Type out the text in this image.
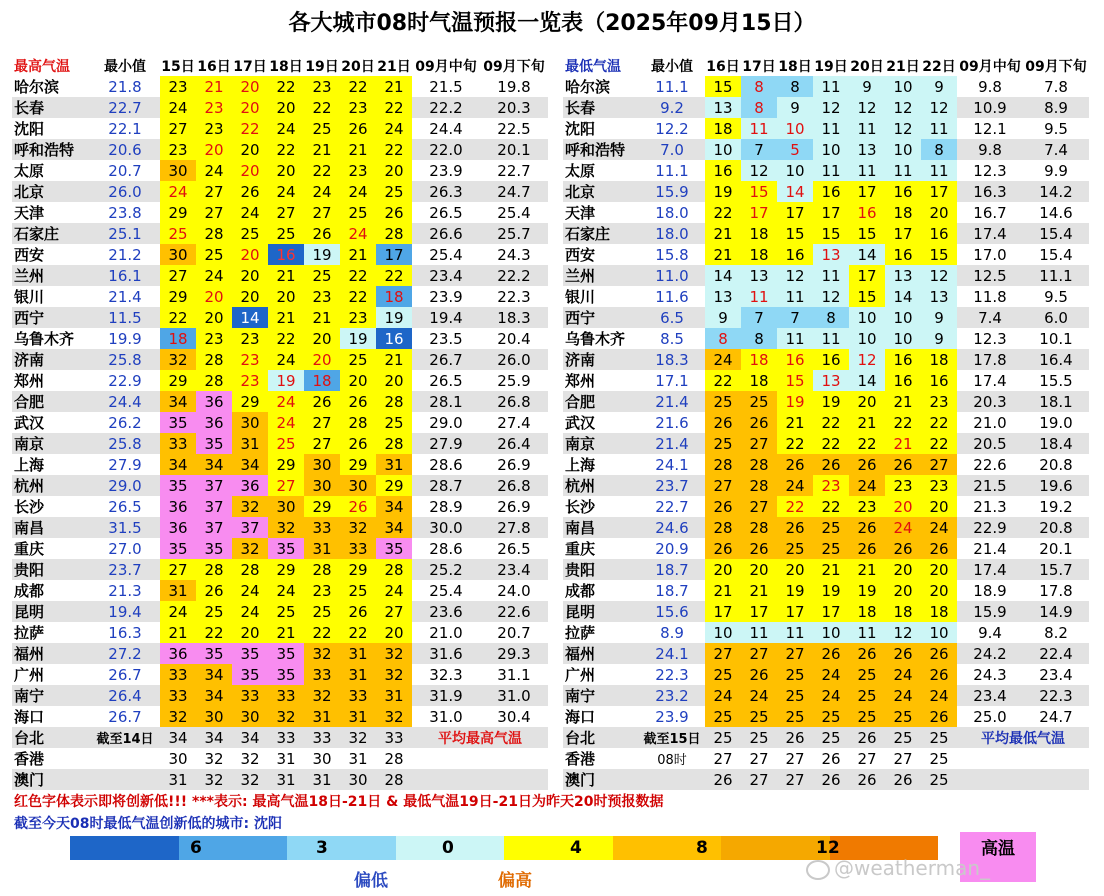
各大城市08时气温预报一览表（2025年09月15日）
最高气温	最小值	15日	16日	17日	18日	19日	20日	21日	09月中旬	09月下旬
哈尔滨	21.8	23	21	20	22	23	22	21	21.5	19.8
长春	22.7	24	23	20	20	22	23	22	22.2	20.3
沈阳	22.1	27	23	22	24	25	26	24	24.4	22.5
呼和浩特	20.6	23	20	20	22	21	21	22	22.0	20.1
太原	20.7	30	24	20	20	22	23	20	23.9	22.7
北京	26.0	24	27	26	24	24	24	25	26.3	24.7
天津	23.8	29	27	24	27	27	25	26	26.5	25.4
石家庄	25.1	25	28	25	25	26	24	28	26.6	25.7
西安	21.2	30	25	20	16	19	21	17	25.4	24.3
兰州	16.1	27	24	20	21	25	22	22	23.4	22.2
银川	21.4	29	20	20	20	23	22	18	23.9	22.3
西宁	11.5	22	20	14	21	21	23	19	19.4	18.3
乌鲁木齐	19.9	18	23	23	22	20	19	16	23.5	20.4
济南	25.8	32	28	23	24	20	25	21	26.7	26.0
郑州	22.9	29	28	23	19	18	20	20	26.5	25.9
合肥	24.4	34	36	29	24	26	26	28	28.1	26.8
武汉	26.2	35	36	30	24	27	28	25	29.0	27.4
南京	25.8	33	35	31	25	27	26	28	27.9	26.4
上海	27.9	34	34	34	29	30	29	31	28.6	26.9
杭州	29.0	35	37	36	27	30	30	29	28.7	26.8
长沙	26.5	36	37	32	30	29	26	34	28.9	26.9
南昌	31.5	36	37	37	32	33	32	34	30.0	27.8
重庆	27.0	35	35	32	35	31	33	35	28.6	26.5
贵阳	23.7	27	28	28	29	28	29	28	25.2	23.4
成都	21.3	31	26	24	24	23	25	24	25.4	24.0
昆明	19.4	24	25	24	25	25	26	27	23.6	22.6
拉萨	16.3	21	22	20	21	22	22	20	21.0	20.7
福州	27.2	36	35	35	35	32	31	32	31.6	29.3
广州	26.7	33	34	35	35	33	31	32	32.3	31.1
南宁	26.4	33	34	33	33	32	33	31	31.9	31.0
海口	26.7	32	30	30	32	31	31	32	31.0	30.4
台北	截至14日	34	34	34	33	33	32	33	平均最高气温	
香港		30	32	32	31	30	31	28		
澳门		31	32	32	31	31	30	28		
最低气温	最小值	16日	17日	18日	19日	20日	21日	22日	09月中旬	09月下旬
哈尔滨	11.1	15	8	8	11	9	10	9	9.8	7.8
长春	9.2	13	8	9	12	12	12	12	10.9	8.9
沈阳	12.2	18	11	10	11	11	12	11	12.1	9.5
呼和浩特	7.0	10	7	5	10	13	10	8	9.8	7.4
太原	11.1	16	12	10	11	11	11	11	12.3	9.9
北京	15.9	19	15	14	16	17	16	17	16.3	14.2
天津	18.0	22	17	17	17	16	18	20	16.7	14.6
石家庄	18.0	21	18	15	15	15	17	16	17.4	15.4
西安	15.8	21	18	16	13	14	16	15	17.0	15.4
兰州	11.0	14	13	12	11	17	13	12	12.5	11.1
银川	11.6	13	11	11	12	15	14	13	11.8	9.5
西宁	6.5	9	7	7	8	10	10	9	7.4	6.0
乌鲁木齐	8.5	8	8	11	11	10	10	9	12.3	10.1
济南	18.3	24	18	16	16	12	16	18	17.8	16.4
郑州	17.1	22	18	15	13	14	16	16	17.4	15.5
合肥	21.4	25	25	19	19	20	21	23	20.3	18.1
武汉	21.6	26	26	21	22	21	22	22	21.0	19.0
南京	21.4	25	27	22	22	22	21	22	20.5	18.4
上海	24.1	28	28	26	26	26	26	27	22.6	20.8
杭州	23.7	27	28	24	23	24	23	23	21.5	19.6
长沙	22.7	26	27	22	22	23	20	20	21.3	19.2
南昌	24.6	28	28	26	25	26	24	24	22.9	20.8
重庆	20.9	26	26	25	25	26	26	26	21.4	20.1
贵阳	18.7	20	20	20	21	21	20	20	17.4	15.7
成都	18.7	21	21	19	19	19	20	20	18.9	17.8
昆明	15.6	17	17	17	17	18	18	18	15.9	14.9
拉萨	8.9	10	11	11	10	11	12	10	9.4	8.2
福州	24.1	27	27	27	26	26	26	26	24.2	22.4
广州	22.3	25	26	25	24	25	24	26	24.3	23.4
南宁	23.2	24	24	25	24	25	24	24	23.4	22.3
海口	23.9	25	25	25	25	25	25	26	25.0	24.7
台北	截至15日	25	25	26	25	26	25	25	平均最低气温	
香港	08时	27	27	27	26	27	27	25		
澳门		26	27	27	26	26	26	25		
红色字体表示即将创新低!!! ***表示: 最高气温18日-21日 & 最低气温19日-21日为昨天20时预报数据
截至今天08时最低气温创新低的城市: 沈阳
6	3	0	4	8	12
偏低	偏高
高温
@weatherman_
